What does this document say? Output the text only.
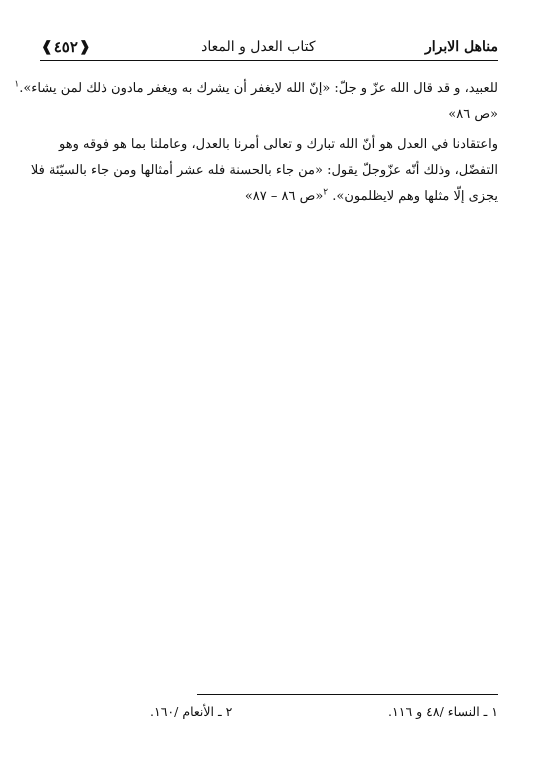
مناهل الابرار
كتاب العدل و المعاد
❰ ٤٥٢ ❱

للعبيد، و قد قال الله عزّ و جلّ: «إنّ الله لايغفر أن يشرك به ويغفر مادون ذلك لمن يشاء».$^١$
«ص ٨٦»

واعتقادنا في العدل هو أنّ الله تبارك و تعالى أمرنا بالعدل، وعاملنا بما هو فوقه وهو
التفضّل، وذلك أنّه عزّوجلّ يقول: «من جاء بالحسنة فله عشر أمثالها ومن جاء بالسيّئة فلا
يجزى إلّا مثلها وهم لايظلمون». $^٢$«ص ٨٦ – ٨٧»

١ ـ النساء /٤٨ و ١١٦.
٢ ـ الأنعام /١٦٠.
